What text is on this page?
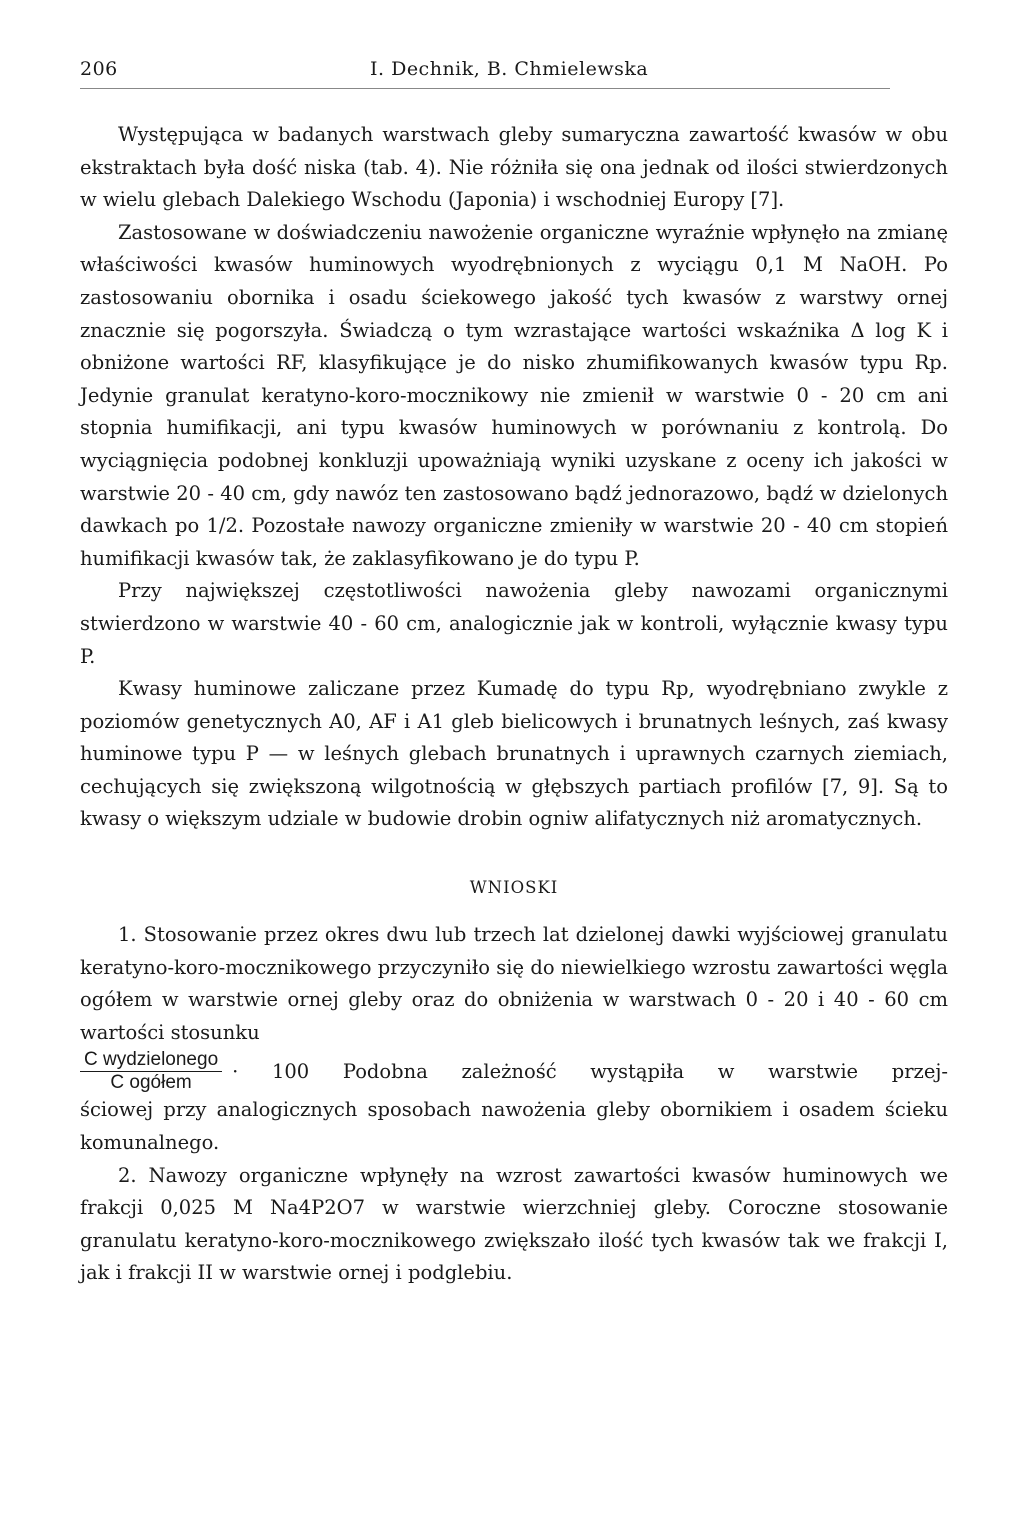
206	I. Dechnik, B. Chmielewska

Występująca w badanych warstwach gleby sumaryczna zawartość kwasów w obu ekstraktach była dość niska (tab. 4). Nie różniła się ona jednak od ilości stwierdzonych w wielu glebach Dalekiego Wschodu (Japonia) i wschodniej Europy [7].

Zastosowane w doświadczeniu nawożenie organiczne wyraźnie wpłynęło na zmianę właściwości kwasów huminowych wyodrębnionych z wyciągu 0,1 M NaOH. Po zastosowaniu obornika i osadu ściekowego jakość tych kwasów z warstwy ornej znacznie się pogorszyła. Świadczą o tym wzrastające wartości wskaźnika Δ log K i obniżone wartości RF, klasyfikujące je do nisko zhumifikowanych kwasów typu Rp. Jedynie granulat keratyno-koro-mocznikowy nie zmienił w warstwie 0 - 20 cm ani stopnia humifikacji, ani typu kwasów huminowych w porównaniu z kontrolą. Do wyciągnięcia podobnej konkluzji upoważniają wyniki uzyskane z oceny ich jakości w warstwie 20 - 40 cm, gdy nawóz ten zastosowano bądź jednorazowo, bądź w dzielonych dawkach po 1/2. Pozostałe nawozy organiczne zmieniły w warstwie 20 - 40 cm stopień humifikacji kwasów tak, że zaklasyfikowano je do typu P.

Przy największej częstotliwości nawożenia gleby nawozami organicznymi stwierdzono w warstwie 40 - 60 cm, analogicznie jak w kontroli, wyłącznie kwasy typu P.

Kwasy huminowe zaliczane przez Kumadę do typu Rp, wyodrębniano zwykle z poziomów genetycznych A0, AF i A1 gleb bielicowych i brunatnych leśnych, zaś kwasy huminowe typu P — w leśnych glebach brunatnych i uprawnych czarnych ziemiach, cechujących się zwiększoną wilgotnością w głębszych partiach profilów [7, 9]. Są to kwasy o większym udziale w budowie drobin ogniw alifatycznych niż aromatycznych.

WNIOSKI

1. Stosowanie przez okres dwu lub trzech lat dzielonej dawki wyjściowej granulatu keratyno-koro-mocznikowego przyczyniło się do niewielkiego wzrostu zawartości węgla ogółem w warstwie ornej gleby oraz do obniżenia w warstwach 0 - 20 i 40 - 60 cm wartości stosunku

$\frac{\text{C wydzielonego}}{\text{C ogółem}} \cdot 100$ Podobna zależność wystąpiła w warstwie przej-

ściowej przy analogicznych sposobach nawożenia gleby obornikiem i osadem ścieku komunalnego.

2. Nawozy organiczne wpłynęły na wzrost zawartości kwasów huminowych we frakcji 0,025 M Na4P2O7 w warstwie wierzchniej gleby. Coroczne stosowanie granulatu keratyno-koro-mocznikowego zwiększało ilość tych kwasów tak we frakcji I, jak i frakcji II w warstwie ornej i podglebiu.
